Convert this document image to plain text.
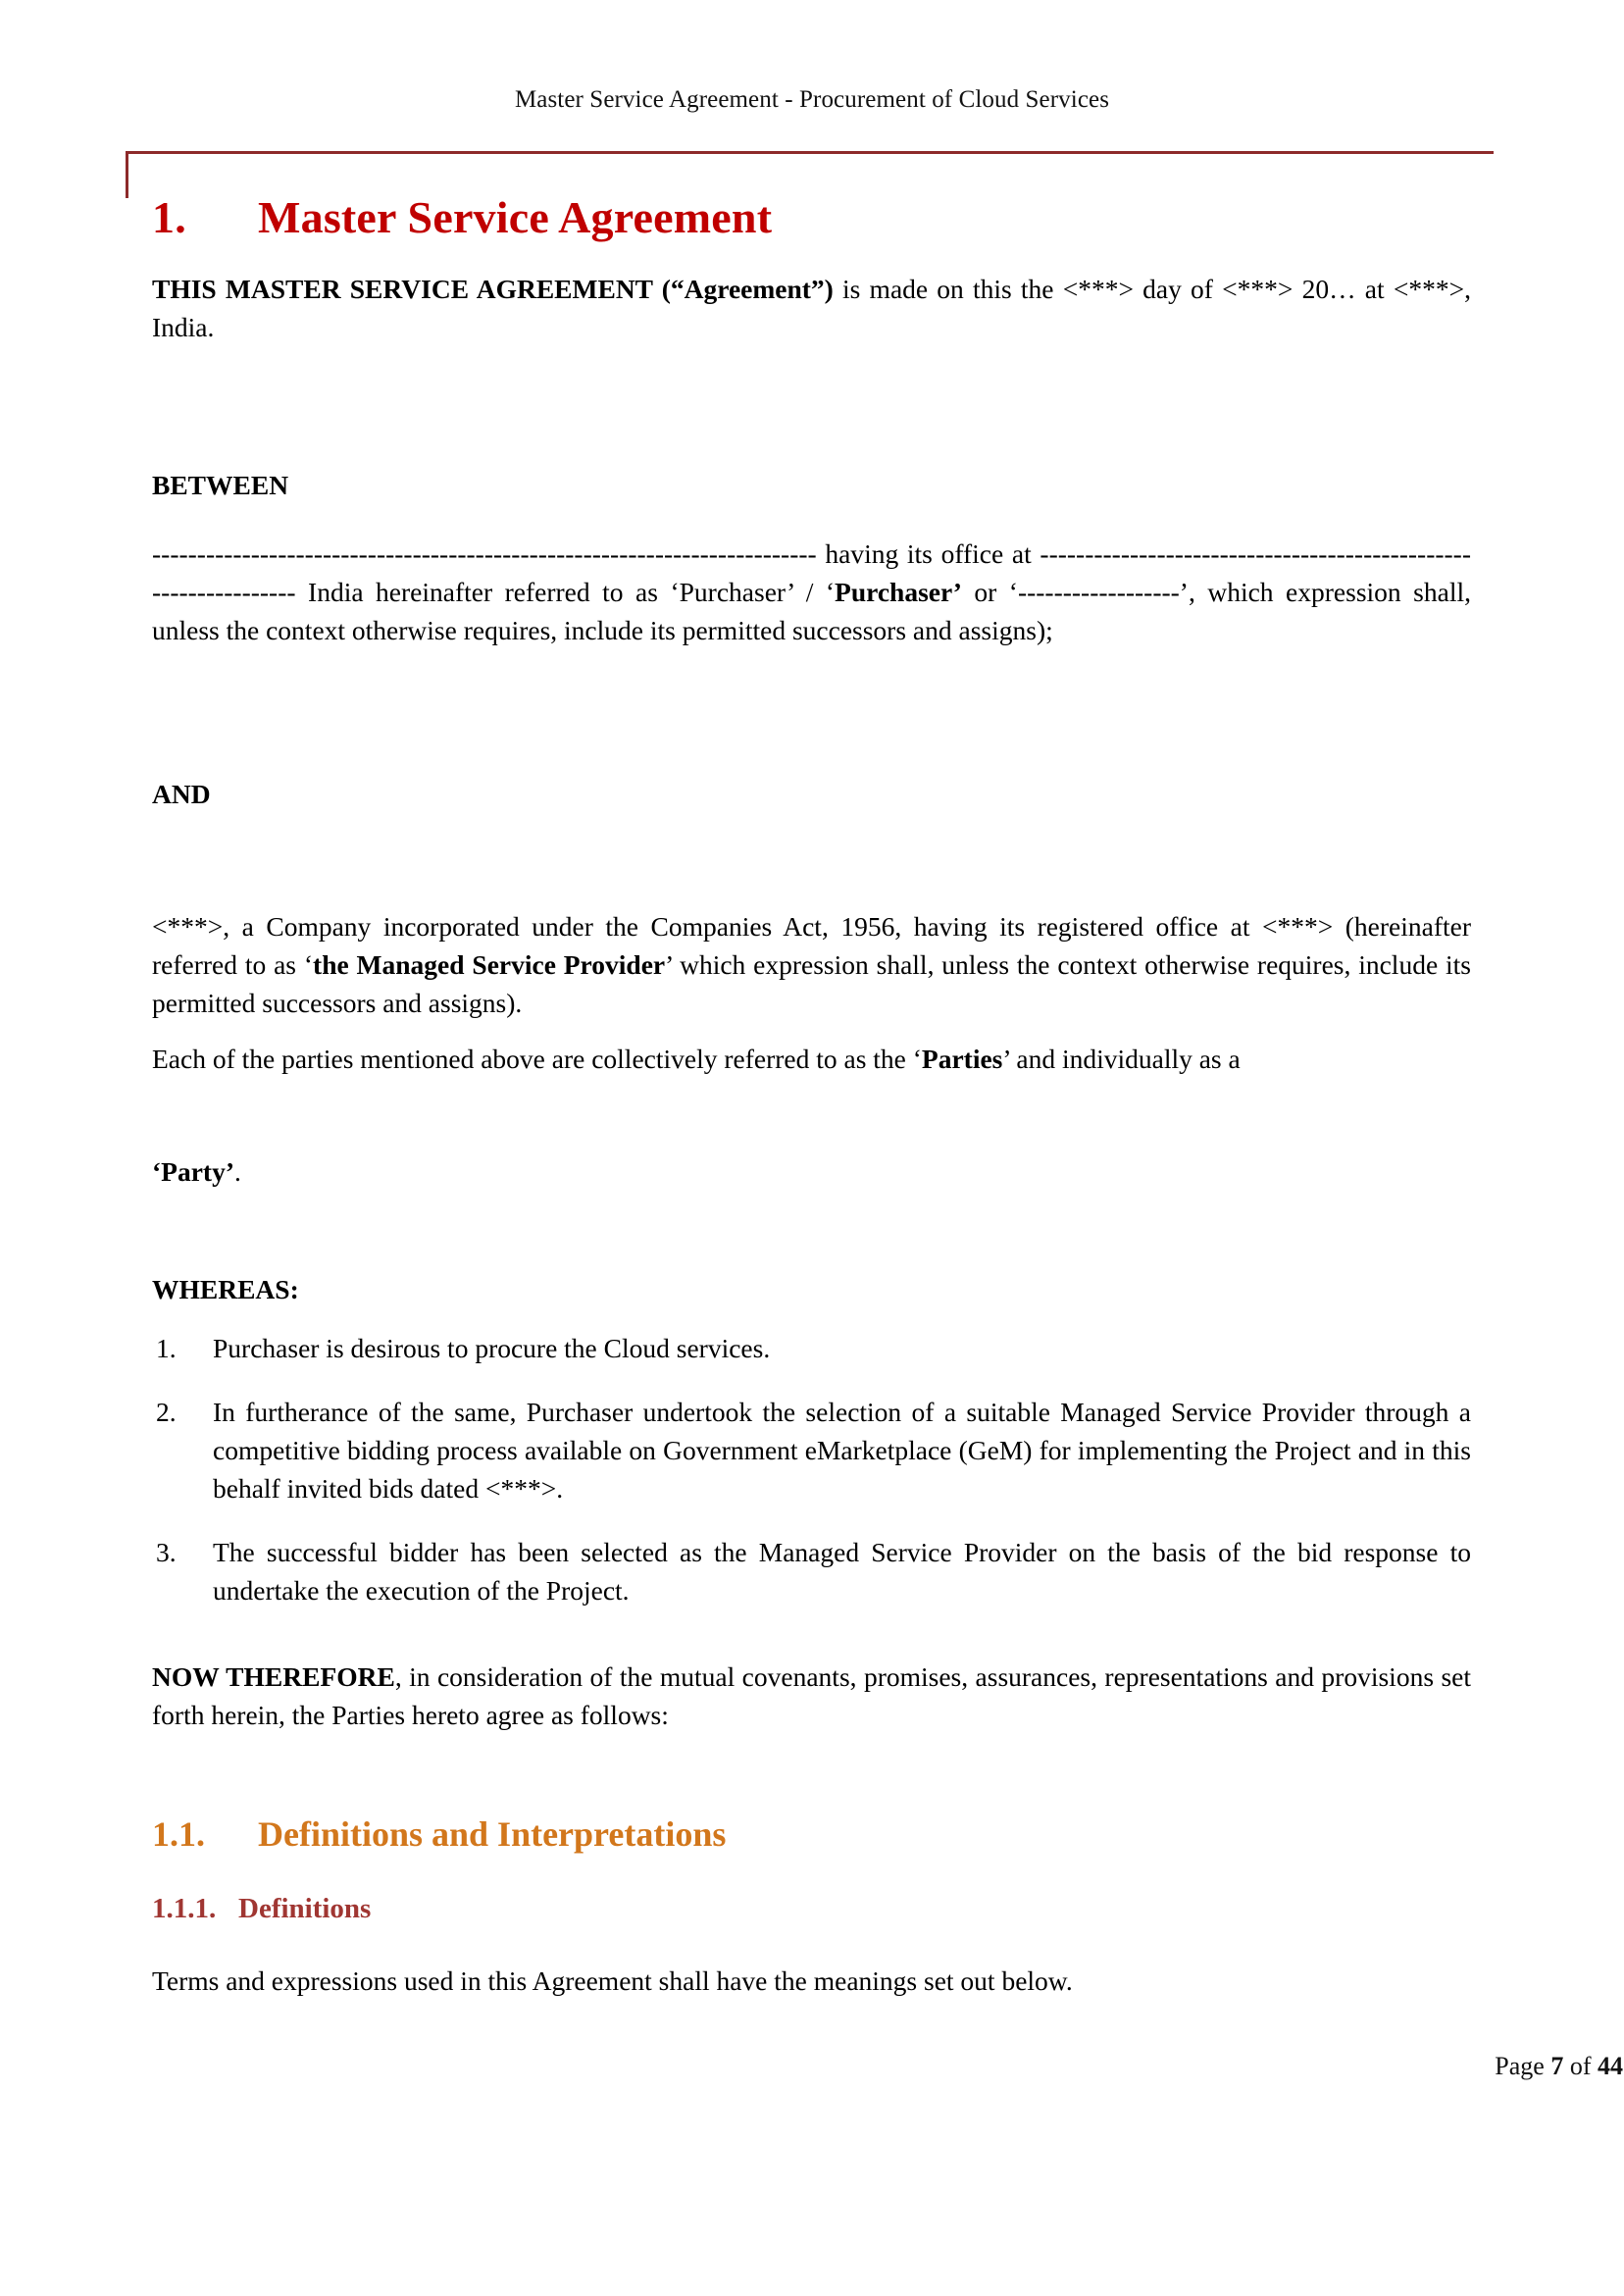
Master Service Agreement - Procurement of Cloud Services
1. Master Service Agreement

THIS MASTER SERVICE AGREEMENT (“Agreement”) is made on this the <***> day of <***> 20… at <***>, India.

BETWEEN

-------------------------------------------------------------------------- having its office at ---------------------------------------------------------------- India hereinafter referred to as ‘Purchaser’ / ‘Purchaser’ or ‘------------------’, which expression shall, unless the context otherwise requires, include its permitted successors and assigns);

AND

<***>, a Company incorporated under the Companies Act, 1956, having its registered office at <***> (hereinafter referred to as ‘the Managed Service Provider’ which expression shall, unless the context otherwise requires, include its permitted successors and assigns).

Each of the parties mentioned above are collectively referred to as the ‘Parties’ and individually as a

‘Party’.

WHEREAS:

1.	Purchaser is desirous to procure the Cloud services.
2.	In furtherance of the same, Purchaser undertook the selection of a suitable Managed Service Provider through a competitive bidding process available on Government eMarketplace (GeM) for implementing the Project and in this behalf invited bids dated <***>.
3.	The successful bidder has been selected as the Managed Service Provider on the basis of the bid response to undertake the execution of the Project.

NOW THEREFORE, in consideration of the mutual covenants, promises, assurances, representations and provisions set forth herein, the Parties hereto agree as follows:

1.1. Definitions and Interpretations
1.1.1. Definitions

Terms and expressions used in this Agreement shall have the meanings set out below.

Page 7 of 44
